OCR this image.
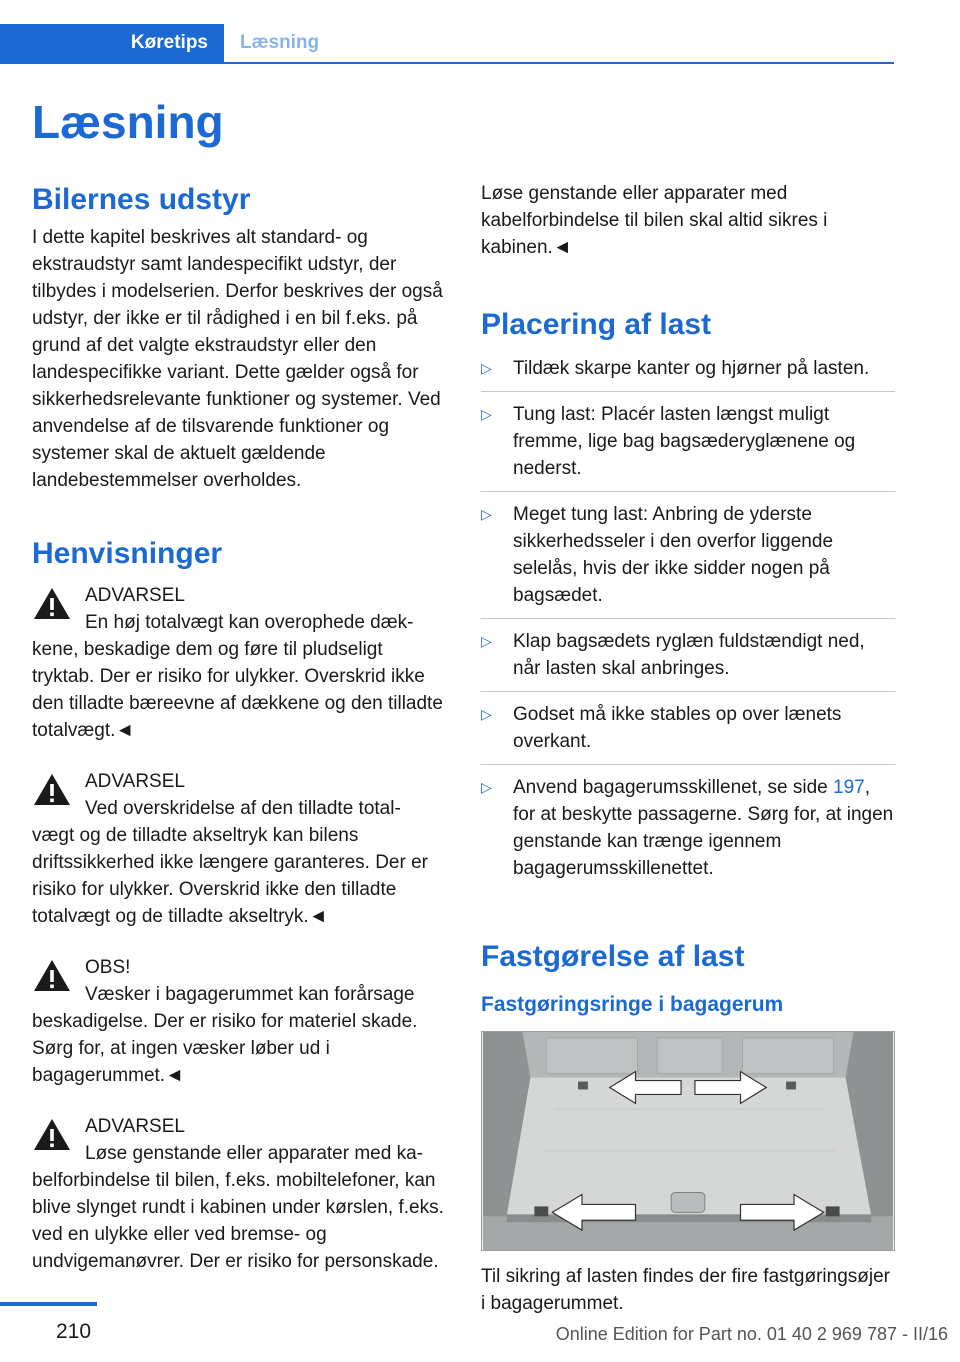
Køretips Læsning
Læsning
Bilernes udstyr

I dette kapitel beskrives alt standard- og ekstraudstyr samt landespecifikt udstyr, der tilbydes i modelserien. Derfor beskrives der også udstyr, der ikke er til rådighed i en bil f.eks. på grund af det valgte ekstraudstyr eller den landespecifikke variant. Dette gælder også for sikkerhedsrelevante funktioner og systemer. Ved anvendelse af de tilsvarende funktioner og systemer skal de aktuelt gældende landebestemmelser overholdes.

Henvisninger
ADVARSEL
En høj totalvægt kan overophede dæk-
kene, beskadige dem og føre til pludseligt tryktab. Der er risiko for ulykker. Overskrid ikke den tilladte bæreevne af dækkene og den tilladte totalvægt.◄
ADVARSEL
Ved overskridelse af den tilladte total-
vægt og de tilladte akseltryk kan bilens driftssikkerhed ikke længere garanteres. Der er risiko for ulykker. Overskrid ikke den tilladte totalvægt og de tilladte akseltryk.◄
OBS!
Væsker i bagagerummet kan forårsage
beskadigelse. Der er risiko for materiel skade. Sørg for, at ingen væsker løber ud i bagagerummet.◄
ADVARSEL
Løse genstande eller apparater med ka-
belforbindelse til bilen, f.eks. mobiltelefoner, kan blive slynget rundt i kabinen under kørslen, f.eks. ved en ulykke eller ved bremse- og undvigemanøvrer. Der er risiko for personskade.

Løse genstande eller apparater med kabelforbindelse til bilen skal altid sikres i kabinen.◄

Placering af last
▷ Tildæk skarpe kanter og hjørner på lasten.
▷ Tung last: Placér lasten længst muligt fremme, lige bag bagsæderyglænene og nederst.
▷ Meget tung last: Anbring de yderste sikkerhedsseler i den overfor liggende selelås, hvis der ikke sidder nogen på bagsædet.
▷ Klap bagsædets ryglæn fuldstændigt ned, når lasten skal anbringes.
▷ Godset må ikke stables op over lænets overkant.
▷ Anvend bagagerumsskillenet, se side 197, for at beskytte passagerne. Sørg for, at ingen genstande kan trænge igennem bagagerumsskillenettet.
Fastgørelse af last
Fastgøringsringe i bagagerum

Til sikring af lasten findes der fire fastgøringsøjer i bagagerummet.

210	Online Edition for Part no. 01 40 2 969 787 - II/16
